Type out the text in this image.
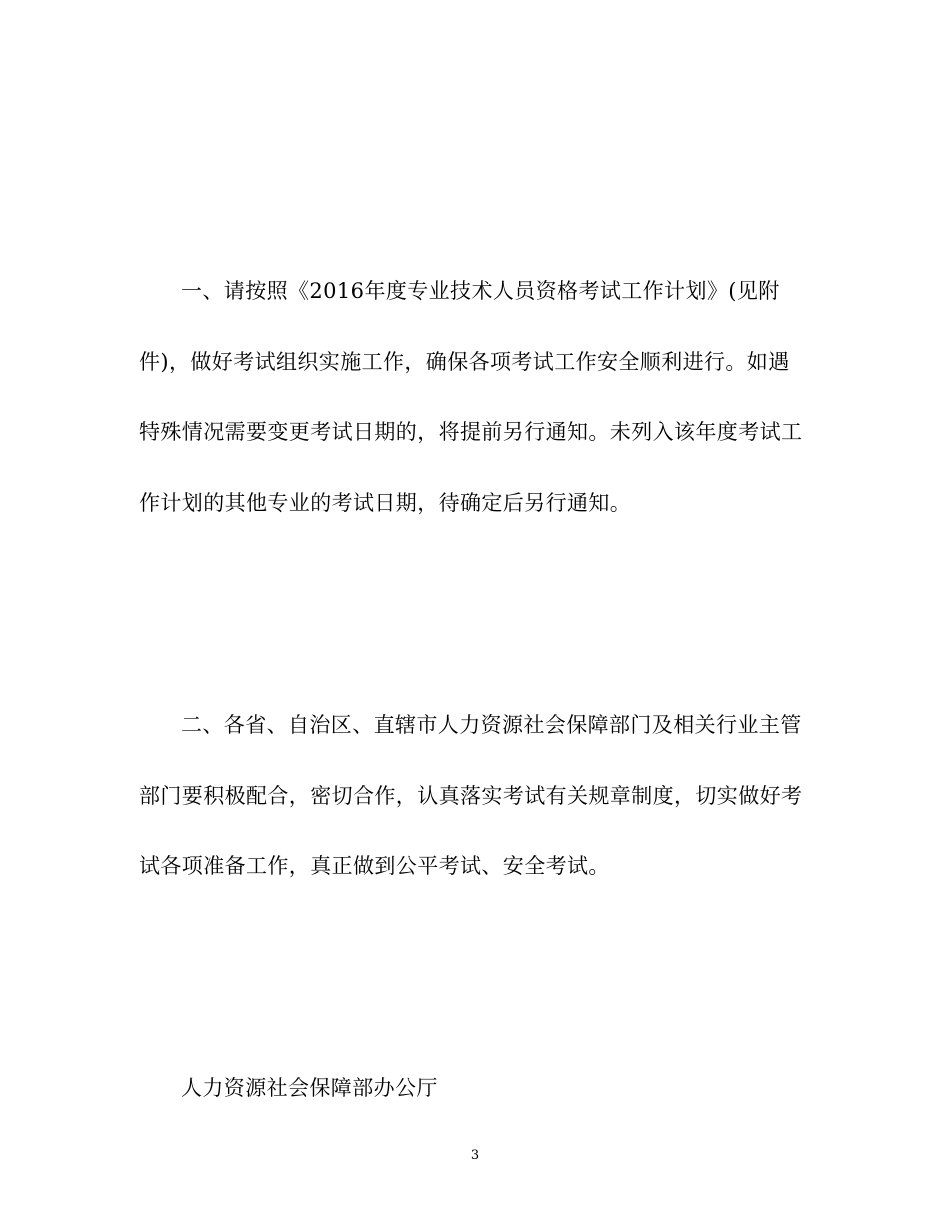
一、请按照《2016年度专业技术人员资格考试工作计划》(见附
件)，做好考试组织实施工作，确保各项考试工作安全顺利进行。如遇
特殊情况需要变更考试日期的，将提前另行通知。未列入该年度考试工
作计划的其他专业的考试日期，待确定后另行通知。
二、各省、自治区、直辖市人力资源社会保障部门及相关行业主管
部门要积极配合，密切合作，认真落实考试有关规章制度，切实做好考
试各项准备工作，真正做到公平考试、安全考试。
人力资源社会保障部办公厅
3
